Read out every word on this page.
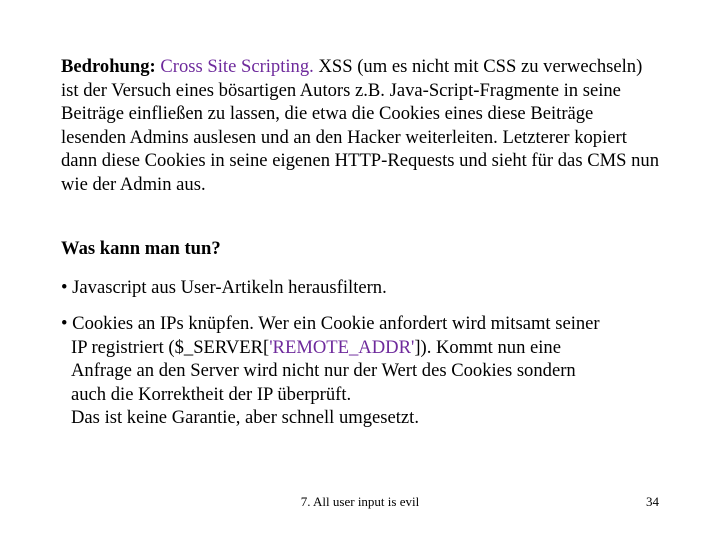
Bedrohung: Cross Site Scripting. XSS (um es nicht mit CSS zu verwechseln) ist der Versuch eines bösartigen Autors z.B. Java-Script-Fragmente in seine Beiträge einfließen zu lassen, die etwa die Cookies eines diese Beiträge lesenden Admins auslesen und an den Hacker weiterleiten. Letzterer kopiert dann diese Cookies in seine eigenen HTTP-Requests und sieht für das CMS nun wie der Admin aus.
Was kann man tun?
• Javascript aus User-Artikeln herausfiltern.
• Cookies an IPs knüpfen. Wer ein Cookie anfordert wird mitsamt seiner
IP registriert ($_SERVER['REMOTE_ADDR']). Kommt nun eine
Anfrage an den Server wird nicht nur der Wert des Cookies sondern
auch die Korrektheit der IP überprüft.
Das ist keine Garantie, aber schnell umgesetzt.
7. All user input is evil	34
